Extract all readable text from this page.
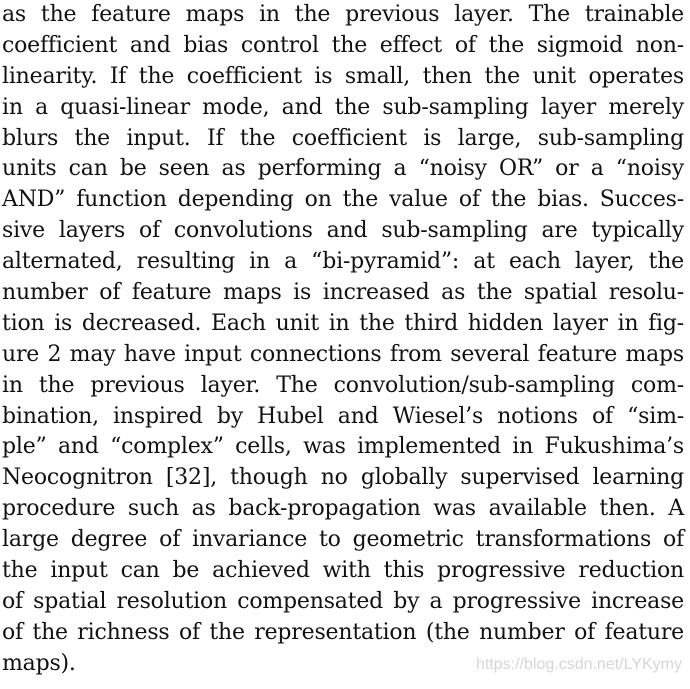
as the feature maps in the previous layer. The trainable
coefficient and bias control the effect of the sigmoid non-
linearity. If the coefficient is small, then the unit operates
in a quasi-linear mode, and the sub-sampling layer merely
blurs the input. If the coefficient is large, sub-sampling
units can be seen as performing a “noisy OR” or a “noisy
AND” function depending on the value of the bias. Succes-
sive layers of convolutions and sub-sampling are typically
alternated, resulting in a “bi-pyramid”: at each layer, the
number of feature maps is increased as the spatial resolu-
tion is decreased. Each unit in the third hidden layer in fig-
ure 2 may have input connections from several feature maps
in the previous layer. The convolution/sub-sampling com-
bination, inspired by Hubel and Wiesel’s notions of “sim-
ple” and “complex” cells, was implemented in Fukushima’s
Neocognitron [32], though no globally supervised learning
procedure such as back-propagation was available then. A
large degree of invariance to geometric transformations of
the input can be achieved with this progressive reduction
of spatial resolution compensated by a progressive increase
of the richness of the representation (the number of feature
maps).	https://blog.csdn.net/LYKymy
